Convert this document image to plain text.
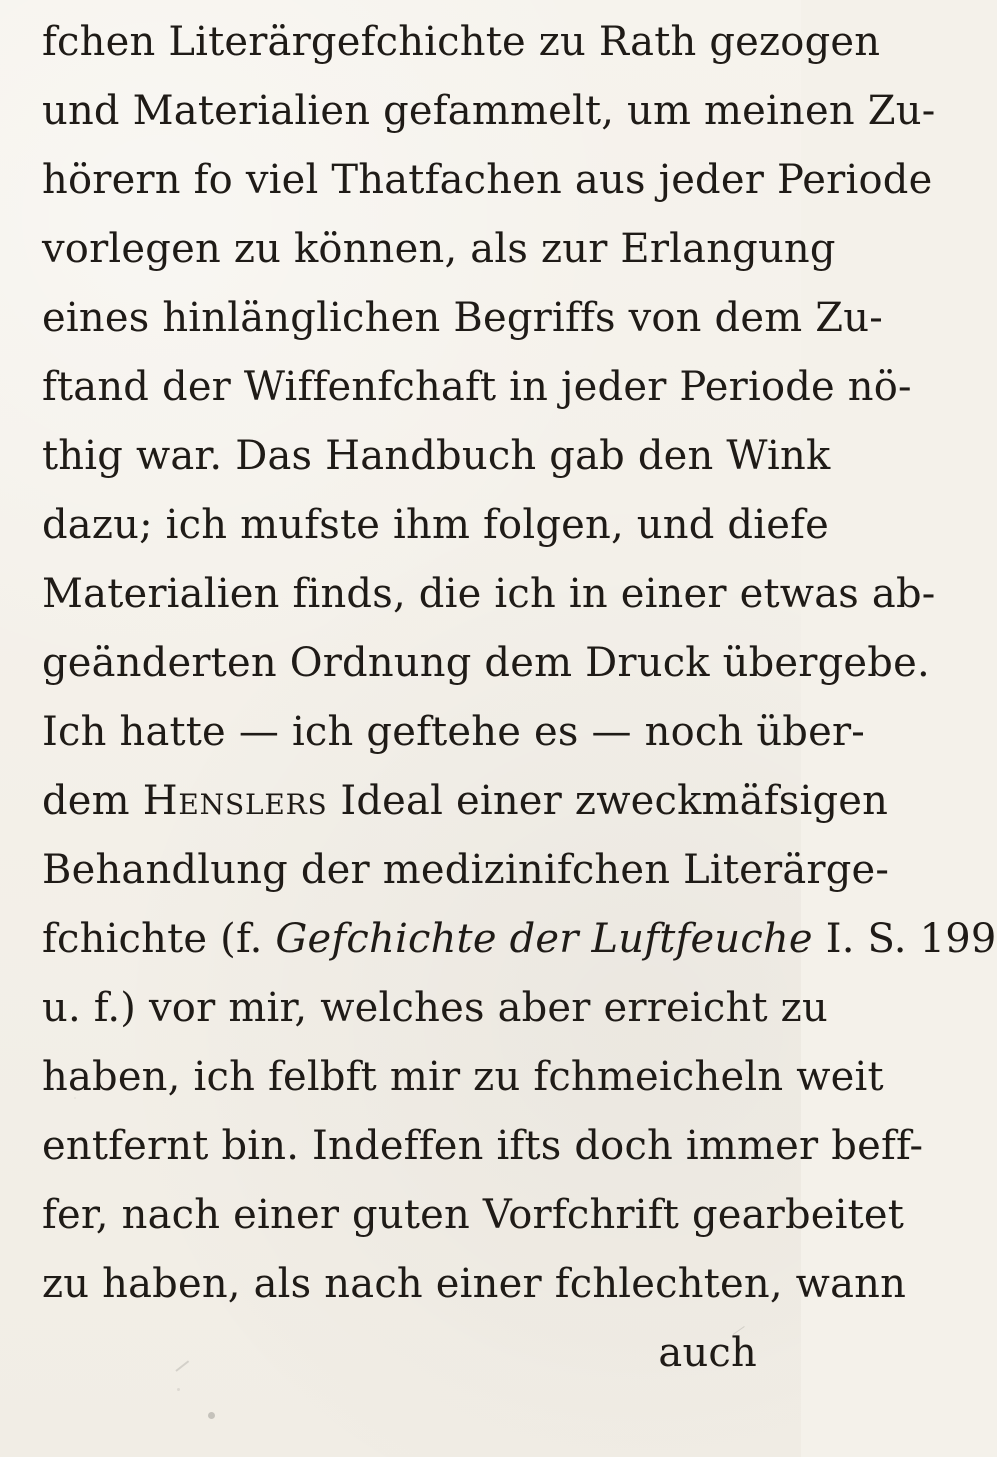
fchen Literärgefchichte zu Rath gezogen
und Materialien gefammelt, um meinen Zu-
hörern fo viel Thatfachen aus jeder Periode
vorlegen zu können, als zur Erlangung
eines hinlänglichen Begriffs von dem Zu-
ftand der Wiffenfchaft in jeder Periode nö-
thig war. Das Handbuch gab den Wink
dazu; ich mufste ihm folgen, und diefe
Materialien finds, die ich in einer etwas ab-
geänderten Ordnung dem Druck übergebe.
Ich hatte — ich geftehe es — noch über-
dem Henslers Ideal einer zweckmäfsigen
Behandlung der medizinifchen Literärge-
fchichte (f. Gefchichte der Luftfeuche I. S. 199
u. f.) vor mir, welches aber erreicht zu
haben, ich felbft mir zu fchmeicheln weit
entfernt bin. Indeffen ifts doch immer beff-
fer, nach einer guten Vorfchrift gearbeitet
zu haben, als nach einer fchlechten, wann
auch
